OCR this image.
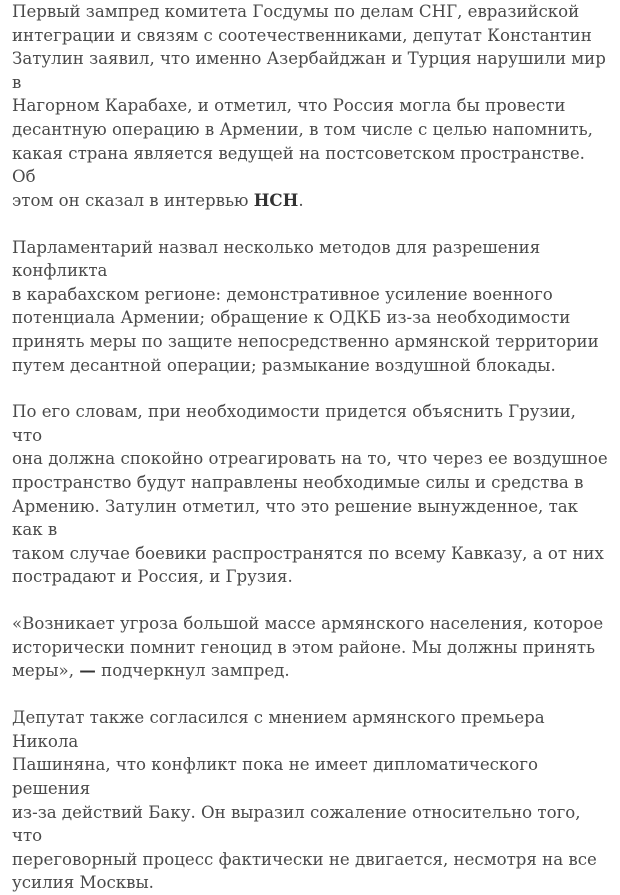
Первый зампред комитета Госдумы по делам СНГ, евразийской
интеграции и связям с соотечественниками, депутат Константин
Затулин заявил, что именно Азербайджан и Турция нарушили мир в
Нагорном Карабахе, и отметил, что Россия могла бы провести
десантную операцию в Армении, в том числе с целью напомнить,
какая страна является ведущей на постсоветском пространстве. Об
этом он сказал в интервью НСН.

Парламентарий назвал несколько методов для разрешения конфликта
в карабахском регионе: демонстративное усиление военного
потенциала Армении; обращение к ОДКБ из-за необходимости
принять меры по защите непосредственно армянской территории
путем десантной операции; размыкание воздушной блокады.

По его словам, при необходимости придется объяснить Грузии, что
она должна спокойно отреагировать на то, что через ее воздушное
пространство будут направлены необходимые силы и средства в
Армению. Затулин отметил, что это решение вынужденное, так как в
таком случае боевики распространятся по всему Кавказу, а от них
пострадают и Россия, и Грузия.

«Возникает угроза большой массе армянского населения, которое
исторически помнит геноцид в этом районе. Мы должны принять
меры», — подчеркнул зампред.

Депутат также согласился с мнением армянского премьера Никола
Пашиняна, что конфликт пока не имеет дипломатического решения
из-за действий Баку. Он выразил сожаление относительно того, что
переговорный процесс фактически не двигается, несмотря на все
усилия Москвы.
